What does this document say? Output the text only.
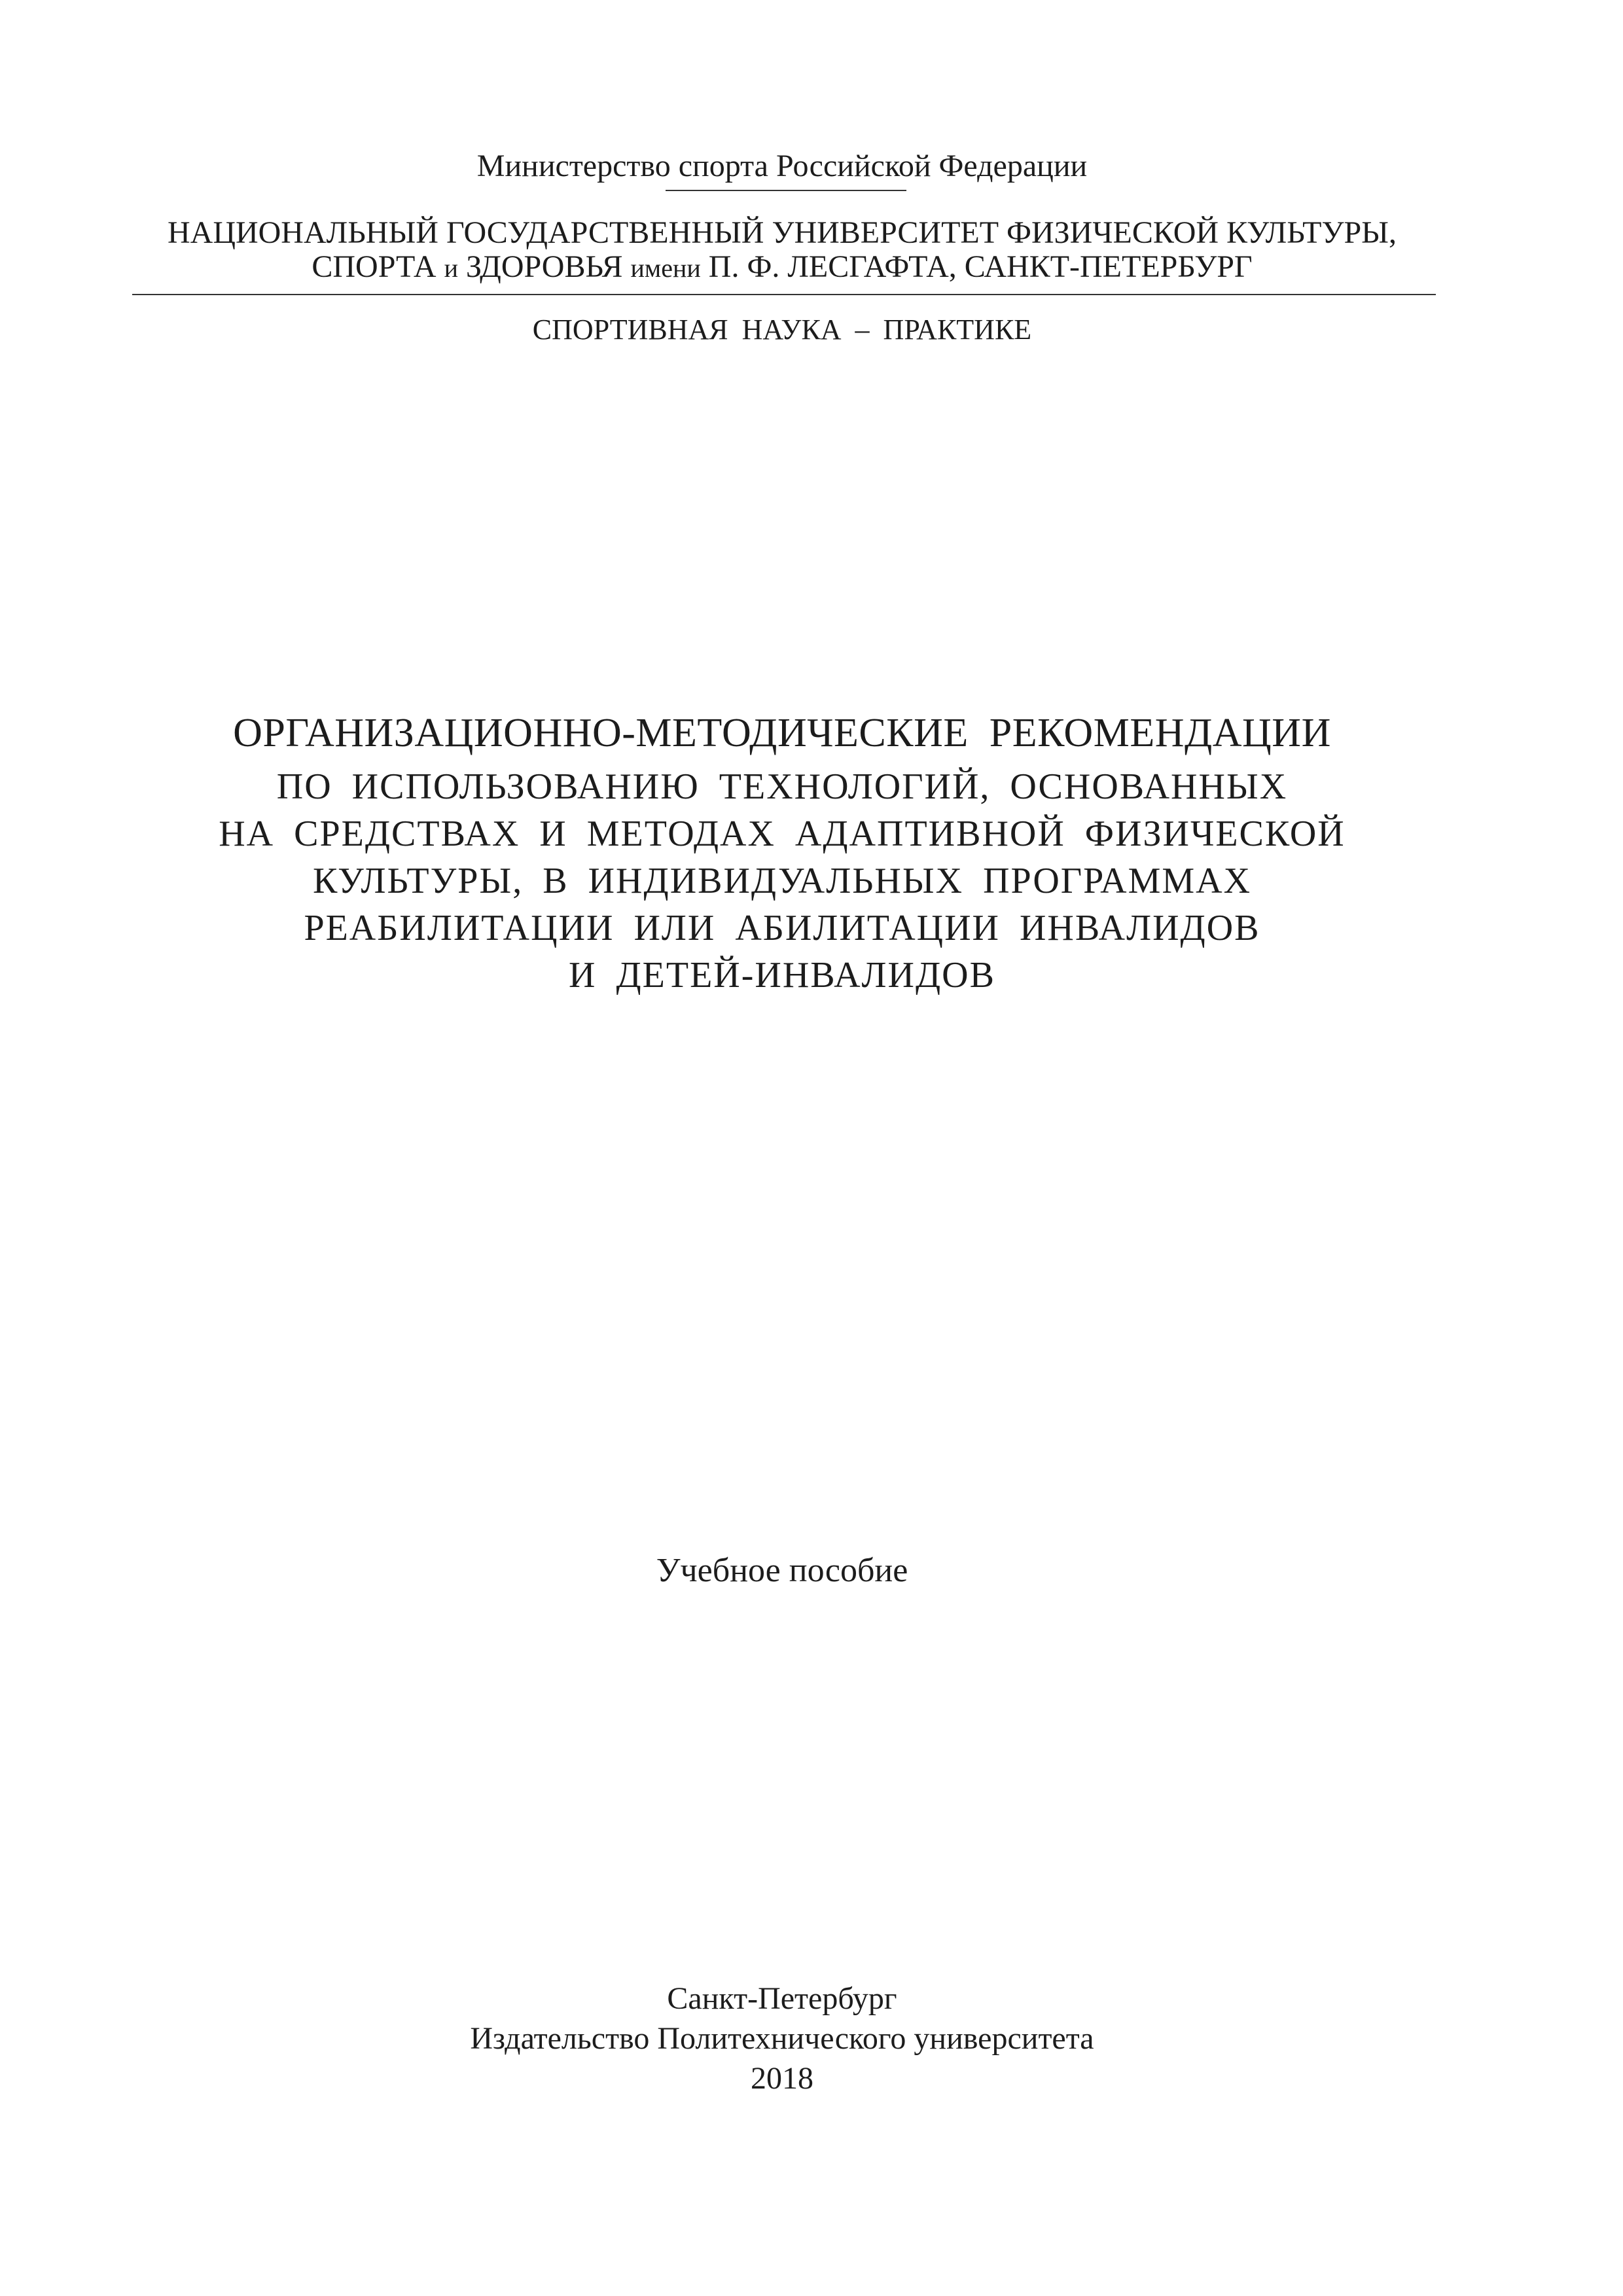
Министерство спорта Российской Федерации
НАЦИОНАЛЬНЫЙ ГОСУДАРСТВЕННЫЙ УНИВЕРСИТЕТ ФИЗИЧЕСКОЙ КУЛЬТУРЫ,
СПОРТА и ЗДОРОВЬЯ имени П. Ф. ЛЕСГАФТА, САНКТ-ПЕТЕРБУРГ
СПОРТИВНАЯ НАУКА – ПРАКТИКЕ
ОРГАНИЗАЦИОННО-МЕТОДИЧЕСКИЕ РЕКОМЕНДАЦИИ
ПО ИСПОЛЬЗОВАНИЮ ТЕХНОЛОГИЙ, ОСНОВАННЫХ
НА СРЕДСТВАХ И МЕТОДАХ АДАПТИВНОЙ ФИЗИЧЕСКОЙ
КУЛЬТУРЫ, В ИНДИВИДУАЛЬНЫХ ПРОГРАММАХ
РЕАБИЛИТАЦИИ ИЛИ АБИЛИТАЦИИ ИНВАЛИДОВ
И ДЕТЕЙ-ИНВАЛИДОВ
Учебное пособие
Санкт-Петербург
Издательство Политехнического университета
2018
